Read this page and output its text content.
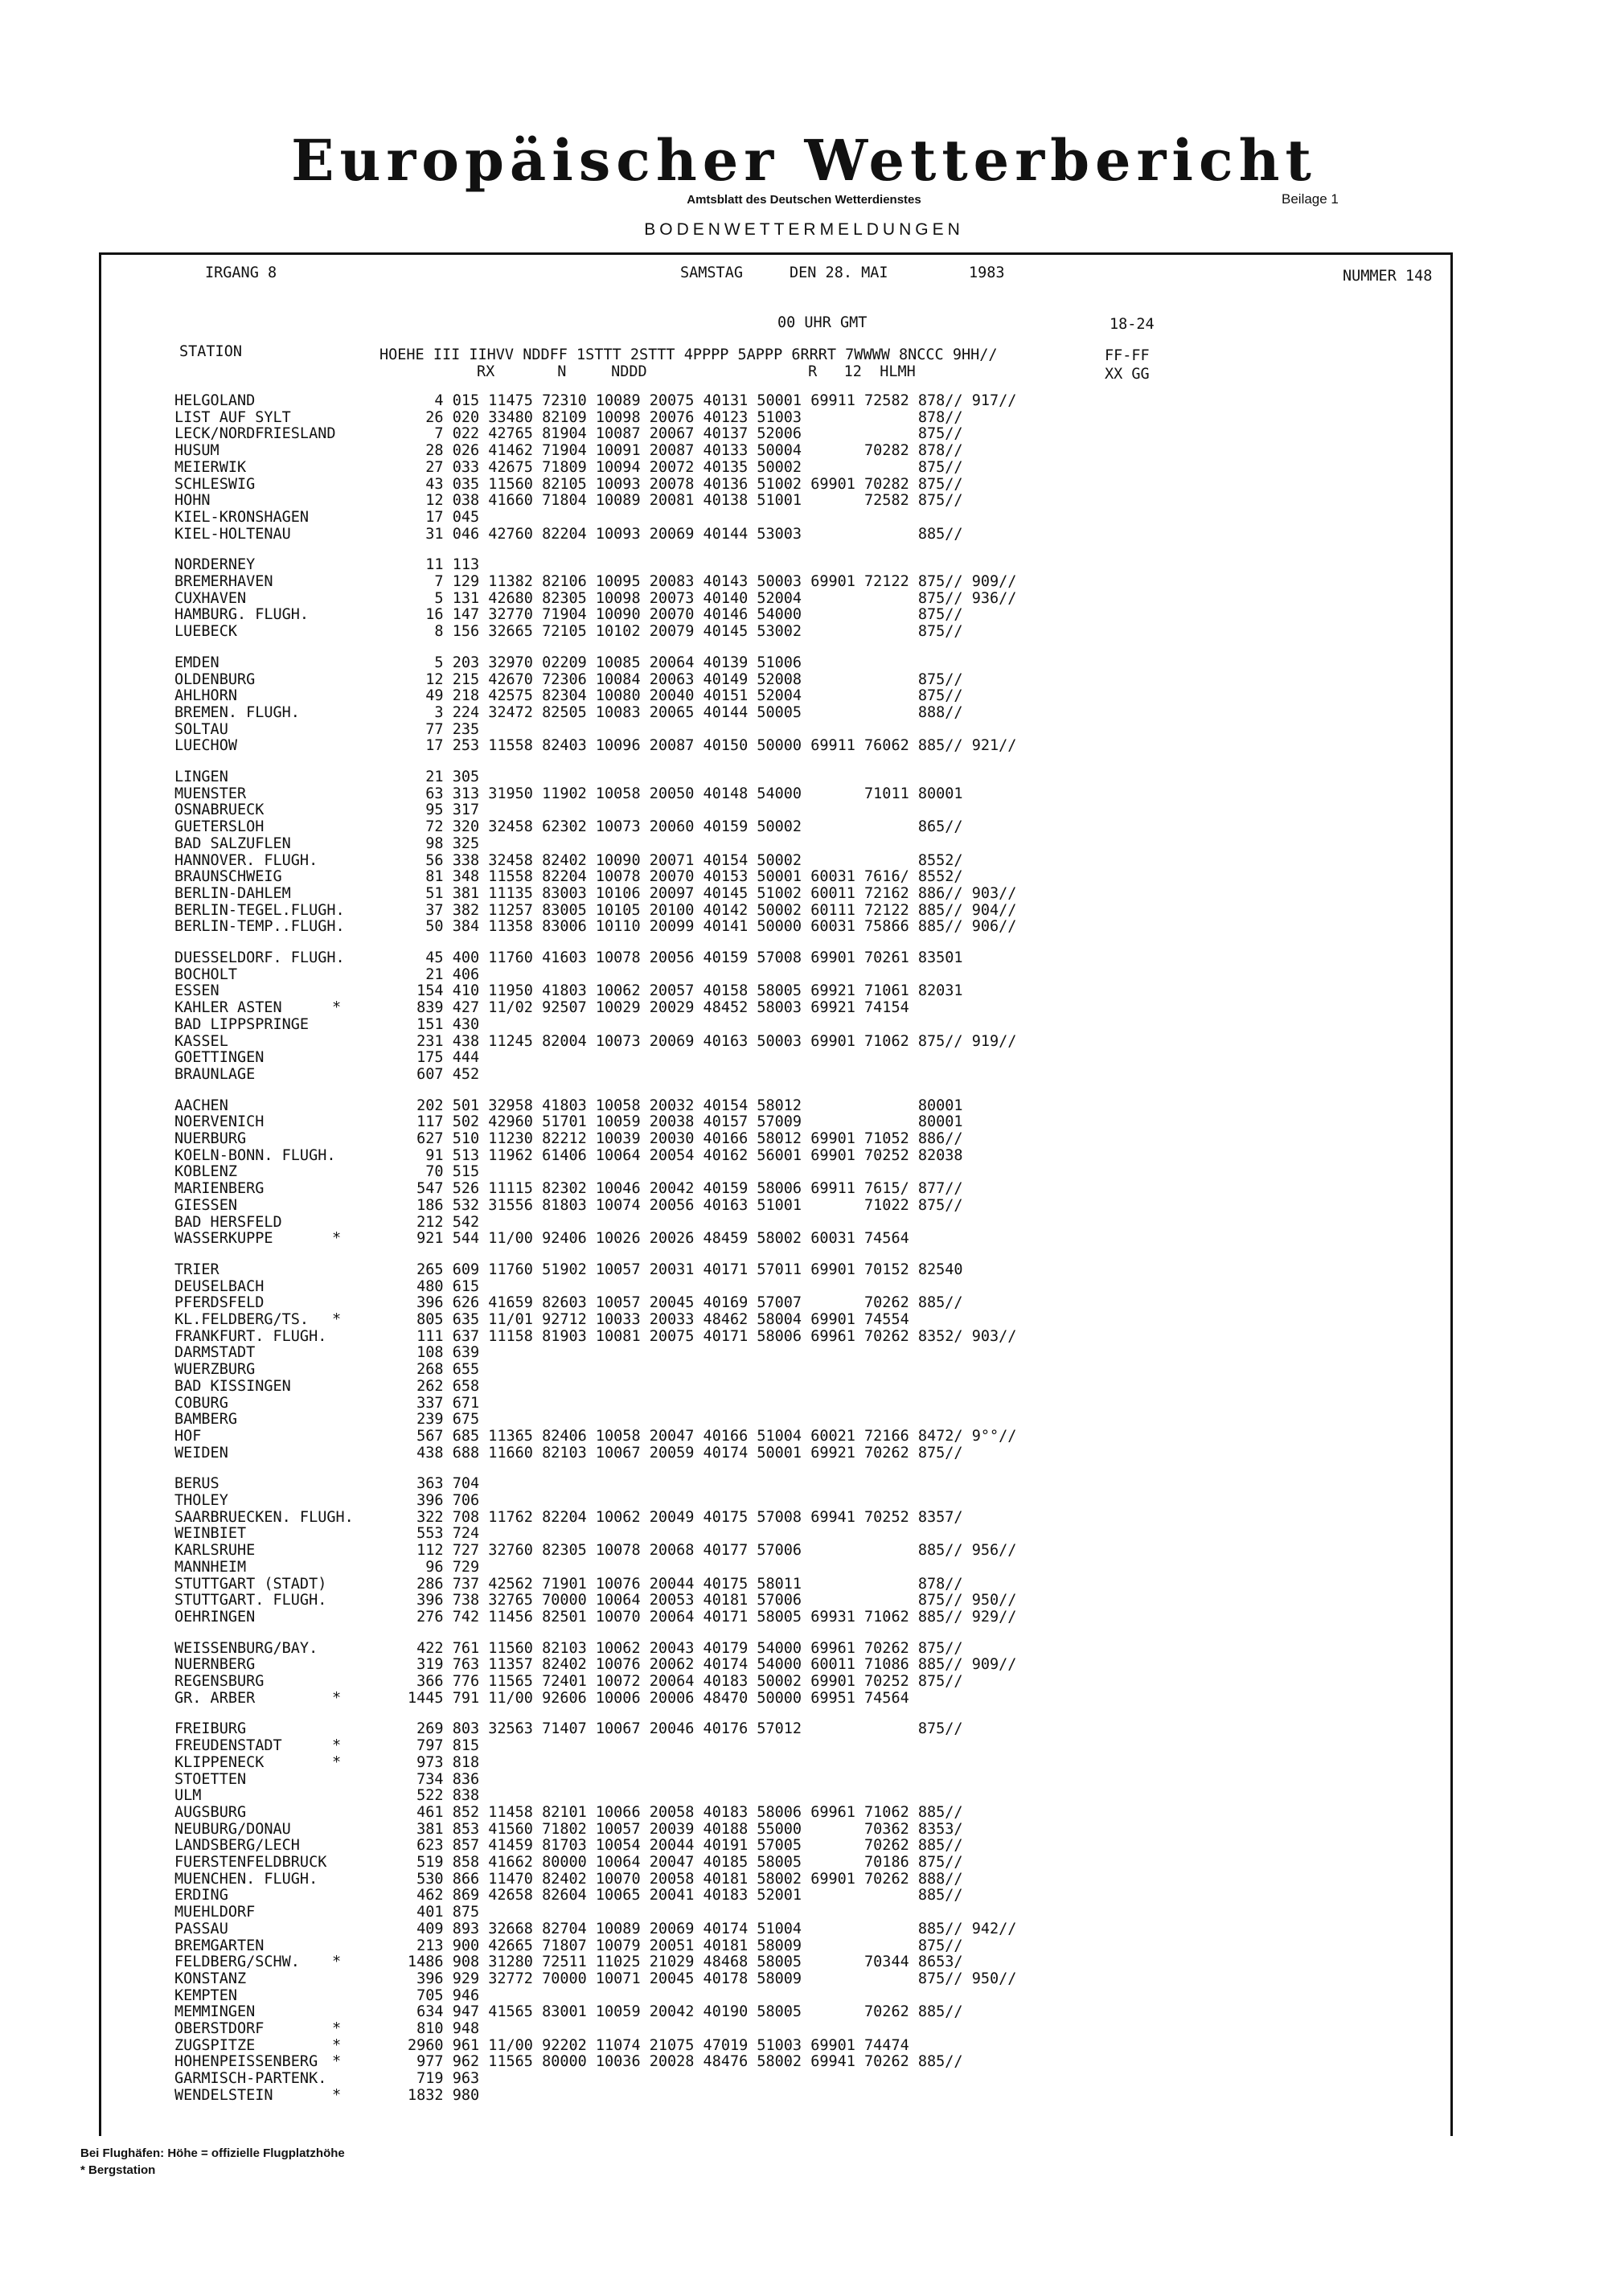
Europäischer Wetterbericht
Amtsblatt des Deutschen Wetterdienstes	Beilage 1
BODENWETTERMELDUNGEN
IRGANG 8	SAMSTAG	DEN 28. MAI	1983	NUMMER 148
00 UHR GMT	18-24
STATION	HOEHE III IIHVV NDDFF 1STTT 2STTT 4PPPP 5APPP 6RRRT 7WWWW 8NCCC 9HH//
RX       N     NDDD                  R   12  HLMH
FF-FF
XX GG
HELGOLAND	4 015 11475 72310 10089 20075 40131 50001 69911 72582 878// 917//
LIST AUF SYLT	26 020 33480 82109 10098 20076 40123 51003             878//
LECK/NORDFRIESLAND	7 022 42765 81904 10087 20067 40137 52006             875//
HUSUM	28 026 41462 71904 10091 20087 40133 50004       70282 878//
MEIERWIK	27 033 42675 71809 10094 20072 40135 50002             875//
SCHLESWIG	43 035 11560 82105 10093 20078 40136 51002 69901 70282 875//
HOHN	12 038 41660 71804 10089 20081 40138 51001       72582 875//
KIEL-KRONSHAGEN	17 045
KIEL-HOLTENAU	31 046 42760 82204 10093 20069 40144 53003             885//
NORDERNEY	11 113
BREMERHAVEN	7 129 11382 82106 10095 20083 40143 50003 69901 72122 875// 909//
CUXHAVEN	5 131 42680 82305 10098 20073 40140 52004             875// 936//
HAMBURG. FLUGH.	16 147 32770 71904 10090 20070 40146 54000             875//
LUEBECK	8 156 32665 72105 10102 20079 40145 53002             875//
EMDEN	5 203 32970 02209 10085 20064 40139 51006
OLDENBURG	12 215 42670 72306 10084 20063 40149 52008             875//
AHLHORN	49 218 42575 82304 10080 20040 40151 52004             875//
BREMEN. FLUGH.	3 224 32472 82505 10083 20065 40144 50005             888//
SOLTAU	77 235
LUECHOW	17 253 11558 82403 10096 20087 40150 50000 69911 76062 885// 921//
LINGEN	21 305
MUENSTER	63 313 31950 11902 10058 20050 40148 54000       71011 80001
OSNABRUECK	95 317
GUETERSLOH	72 320 32458 62302 10073 20060 40159 50002             865//
BAD SALZUFLEN	98 325
HANNOVER. FLUGH.	56 338 32458 82402 10090 20071 40154 50002             8552/
BRAUNSCHWEIG	81 348 11558 82204 10078 20070 40153 50001 60031 7616/ 8552/
BERLIN-DAHLEM	51 381 11135 83003 10106 20097 40145 51002 60011 72162 886// 903//
BERLIN-TEGEL.FLUGH.	37 382 11257 83005 10105 20100 40142 50002 60111 72122 885// 904//
BERLIN-TEMP..FLUGH.	50 384 11358 83006 10110 20099 40141 50000 60031 75866 885// 906//
DUESSELDORF. FLUGH.	45 400 11760 41603 10078 20056 40159 57008 69901 70261 83501
BOCHOLT	21 406
ESSEN	154 410 11950 41803 10062 20057 40158 58005 69921 71061 82031
KAHLER ASTEN	*	839 427 11/02 92507 10029 20029 48452 58003 69921 74154
BAD LIPPSPRINGE	151 430
KASSEL	231 438 11245 82004 10073 20069 40163 50003 69901 71062 875// 919//
GOETTINGEN	175 444
BRAUNLAGE	607 452
AACHEN	202 501 32958 41803 10058 20032 40154 58012             80001
NOERVENICH	117 502 42960 51701 10059 20038 40157 57009             80001
NUERBURG	627 510 11230 82212 10039 20030 40166 58012 69901 71052 886//
KOELN-BONN. FLUGH.	91 513 11962 61406 10064 20054 40162 56001 69901 70252 82038
KOBLENZ	70 515
MARIENBERG	547 526 11115 82302 10046 20042 40159 58006 69911 7615/ 877//
GIESSEN	186 532 31556 81803 10074 20056 40163 51001       71022 875//
BAD HERSFELD	212 542
WASSERKUPPE	*	921 544 11/00 92406 10026 20026 48459 58002 60031 74564
TRIER	265 609 11760 51902 10057 20031 40171 57011 69901 70152 82540
DEUSELBACH	480 615
PFERDSFELD	396 626 41659 82603 10057 20045 40169 57007       70262 885//
KL.FELDBERG/TS. *	805 635 11/01 92712 10033 20033 48462 58004 69901 74554
FRANKFURT. FLUGH.	111 637 11158 81903 10081 20075 40171 58006 69961 70262 8352/ 903//
DARMSTADT	108 639
WUERZBURG	268 655
BAD KISSINGEN	262 658
COBURG	337 671
BAMBERG	239 675
HOF	567 685 11365 82406 10058 20047 40166 51004 60021 72166 8472/ 9°°//
WEIDEN	438 688 11660 82103 10067 20059 40174 50001 69921 70262 875//
BERUS	363 704
THOLEY	396 706
SAARBRUECKEN. FLUGH.	322 708 11762 82204 10062 20049 40175 57008 69941 70252 8357/
WEINBIET	553 724
KARLSRUHE	112 727 32760 82305 10078 20068 40177 57006             885// 956//
MANNHEIM	96 729
STUTTGART (STADT)	286 737 42562 71901 10076 20044 40175 58011             878//
STUTTGART. FLUGH.	396 738 32765 70000 10064 20053 40181 57006             875// 950//
OEHRINGEN	276 742 11456 82501 10070 20064 40171 58005 69931 71062 885// 929//
WEISSENBURG/BAY.	422 761 11560 82103 10062 20043 40179 54000 69961 70262 875//
NUERNBERG	319 763 11357 82402 10076 20062 40174 54000 60011 71086 885// 909//
REGENSBURG	366 776 11565 72401 10072 20064 40183 50002 69901 70252 875//
GR. ARBER	*	1445 791 11/00 92606 10006 20006 48470 50000 69951 74564
FREIBURG	269 803 32563 71407 10067 20046 40176 57012             875//
FREUDENSTADT	*	797 815
KLIPPENECK	*	973 818
STOETTEN	734 836
ULM	522 838
AUGSBURG	461 852 11458 82101 10066 20058 40183 58006 69961 71062 885//
NEUBURG/DONAU	381 853 41560 71802 10057 20039 40188 55000       70362 8353/
LANDSBERG/LECH	623 857 41459 81703 10054 20044 40191 57005       70262 885//
FUERSTENFELDBRUCK	519 858 41662 80000 10064 20047 40185 58005       70186 875//
MUENCHEN. FLUGH.	530 866 11470 82402 10070 20058 40181 58002 69901 70262 888//
ERDING	462 869 42658 82604 10065 20041 40183 52001             885//
MUEHLDORF	401 875
PASSAU	409 893 32668 82704 10089 20069 40174 51004             885// 942//
BREMGARTEN	213 900 42665 71807 10079 20051 40181 58009             875//
FELDBERG/SCHW. *	1486 908 31280 72511 11025 21029 48468 58005       70344 8653/
KONSTANZ	396 929 32772 70000 10071 20045 40178 58009             875// 950//
KEMPTEN	705 946
MEMMINGEN	634 947 41565 83001 10059 20042 40190 58005       70262 885//
OBERSTDORF	*	810 948
ZUGSPITZE	*	2960 961 11/00 92202 11074 21075 47019 51003 69901 74474
HOHENPEISSENBERG *	977 962 11565 80000 10036 20028 48476 58002 69941 70262 885//
GARMISCH-PARTENK.	719 963
WENDELSTEIN	*	1832 980
Bei Flughäfen: Höhe = offizielle Flugplatzhöhe
* Bergstation
